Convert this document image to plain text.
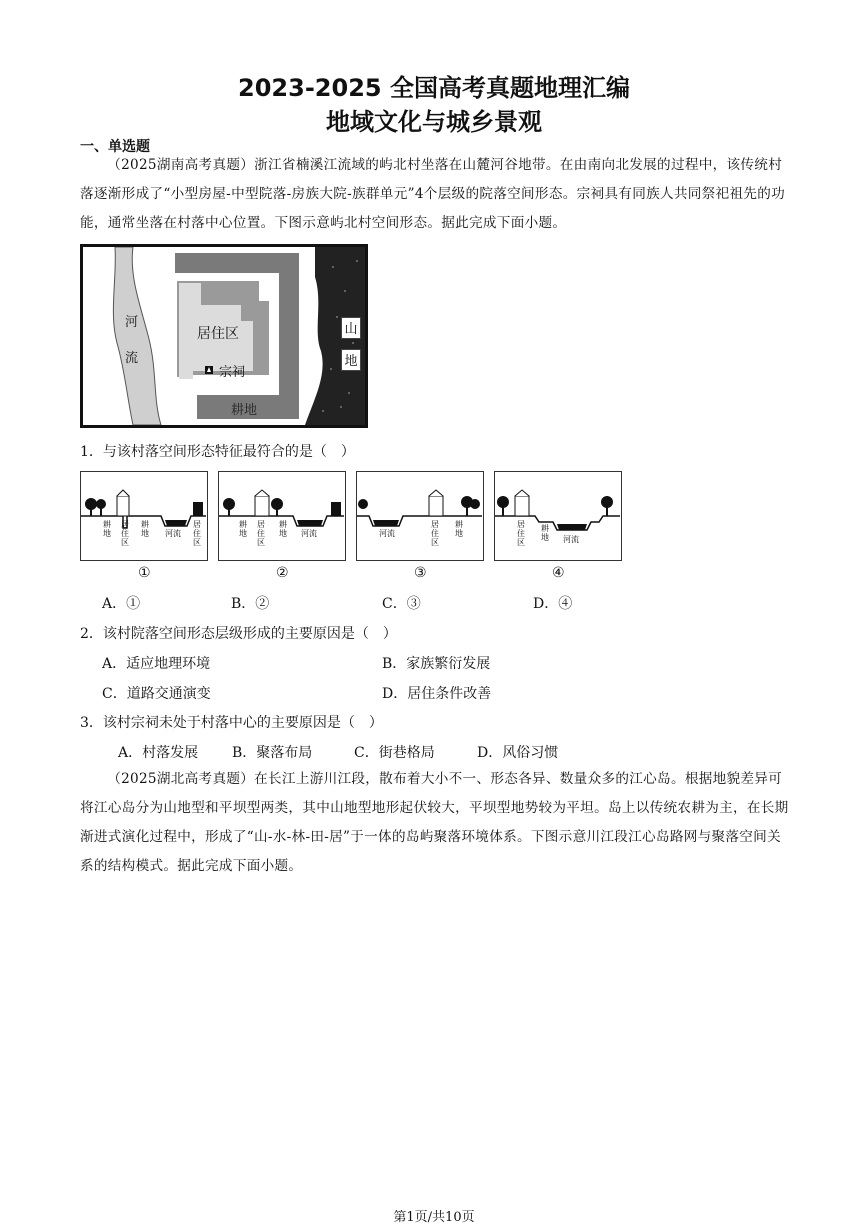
2023-2025 全国高考真题地理汇编
地域文化与城乡景观
一、单选题
（2025湖南高考真题）浙江省楠溪江流域的屿北村坐落在山麓河谷地带。在由南向北发展的过程中，该传统村落逐渐形成了“小型房屋-中型院落-房族大院-族群单元”4个层级的院落空间形态。宗祠具有同族人共同祭祀祖先的功能，通常坐落在村落中心位置。下图示意屿北村空间形态。据此完成下面小题。
河
流
山
地
居住区
宗祠
耕地
1．与该村落空间形态特征最符合的是（　）
耕地
居住区
耕地 河流
居住区
耕地
居住区
耕地 河流	河流
居住区
耕地
居住区
耕地 河流
①	②	③	④
A．①	B．②	C．③	D．④
2．该村院落空间形态层级形成的主要原因是（　）
A．适应地理环境	B．家族繁衍发展
C．道路交通演变	D．居住条件改善
3．该村宗祠未处于村落中心的主要原因是（　）
A．村落发展 B．聚落布局	C．街巷格局	D．风俗习惯
（2025湖北高考真题）在长江上游川江段，散布着大小不一、形态各异、数量众多的江心岛。根据地貌差异可将江心岛分为山地型和平坝型两类，其中山地型地形起伏较大，平坝型地势较为平坦。岛上以传统农耕为主，在长期渐进式演化过程中，形成了“山-水-林-田-居”于一体的岛屿聚落环境体系。下图示意川江段江心岛路网与聚落空间关系的结构模式。据此完成下面小题。
第1页/共10页
